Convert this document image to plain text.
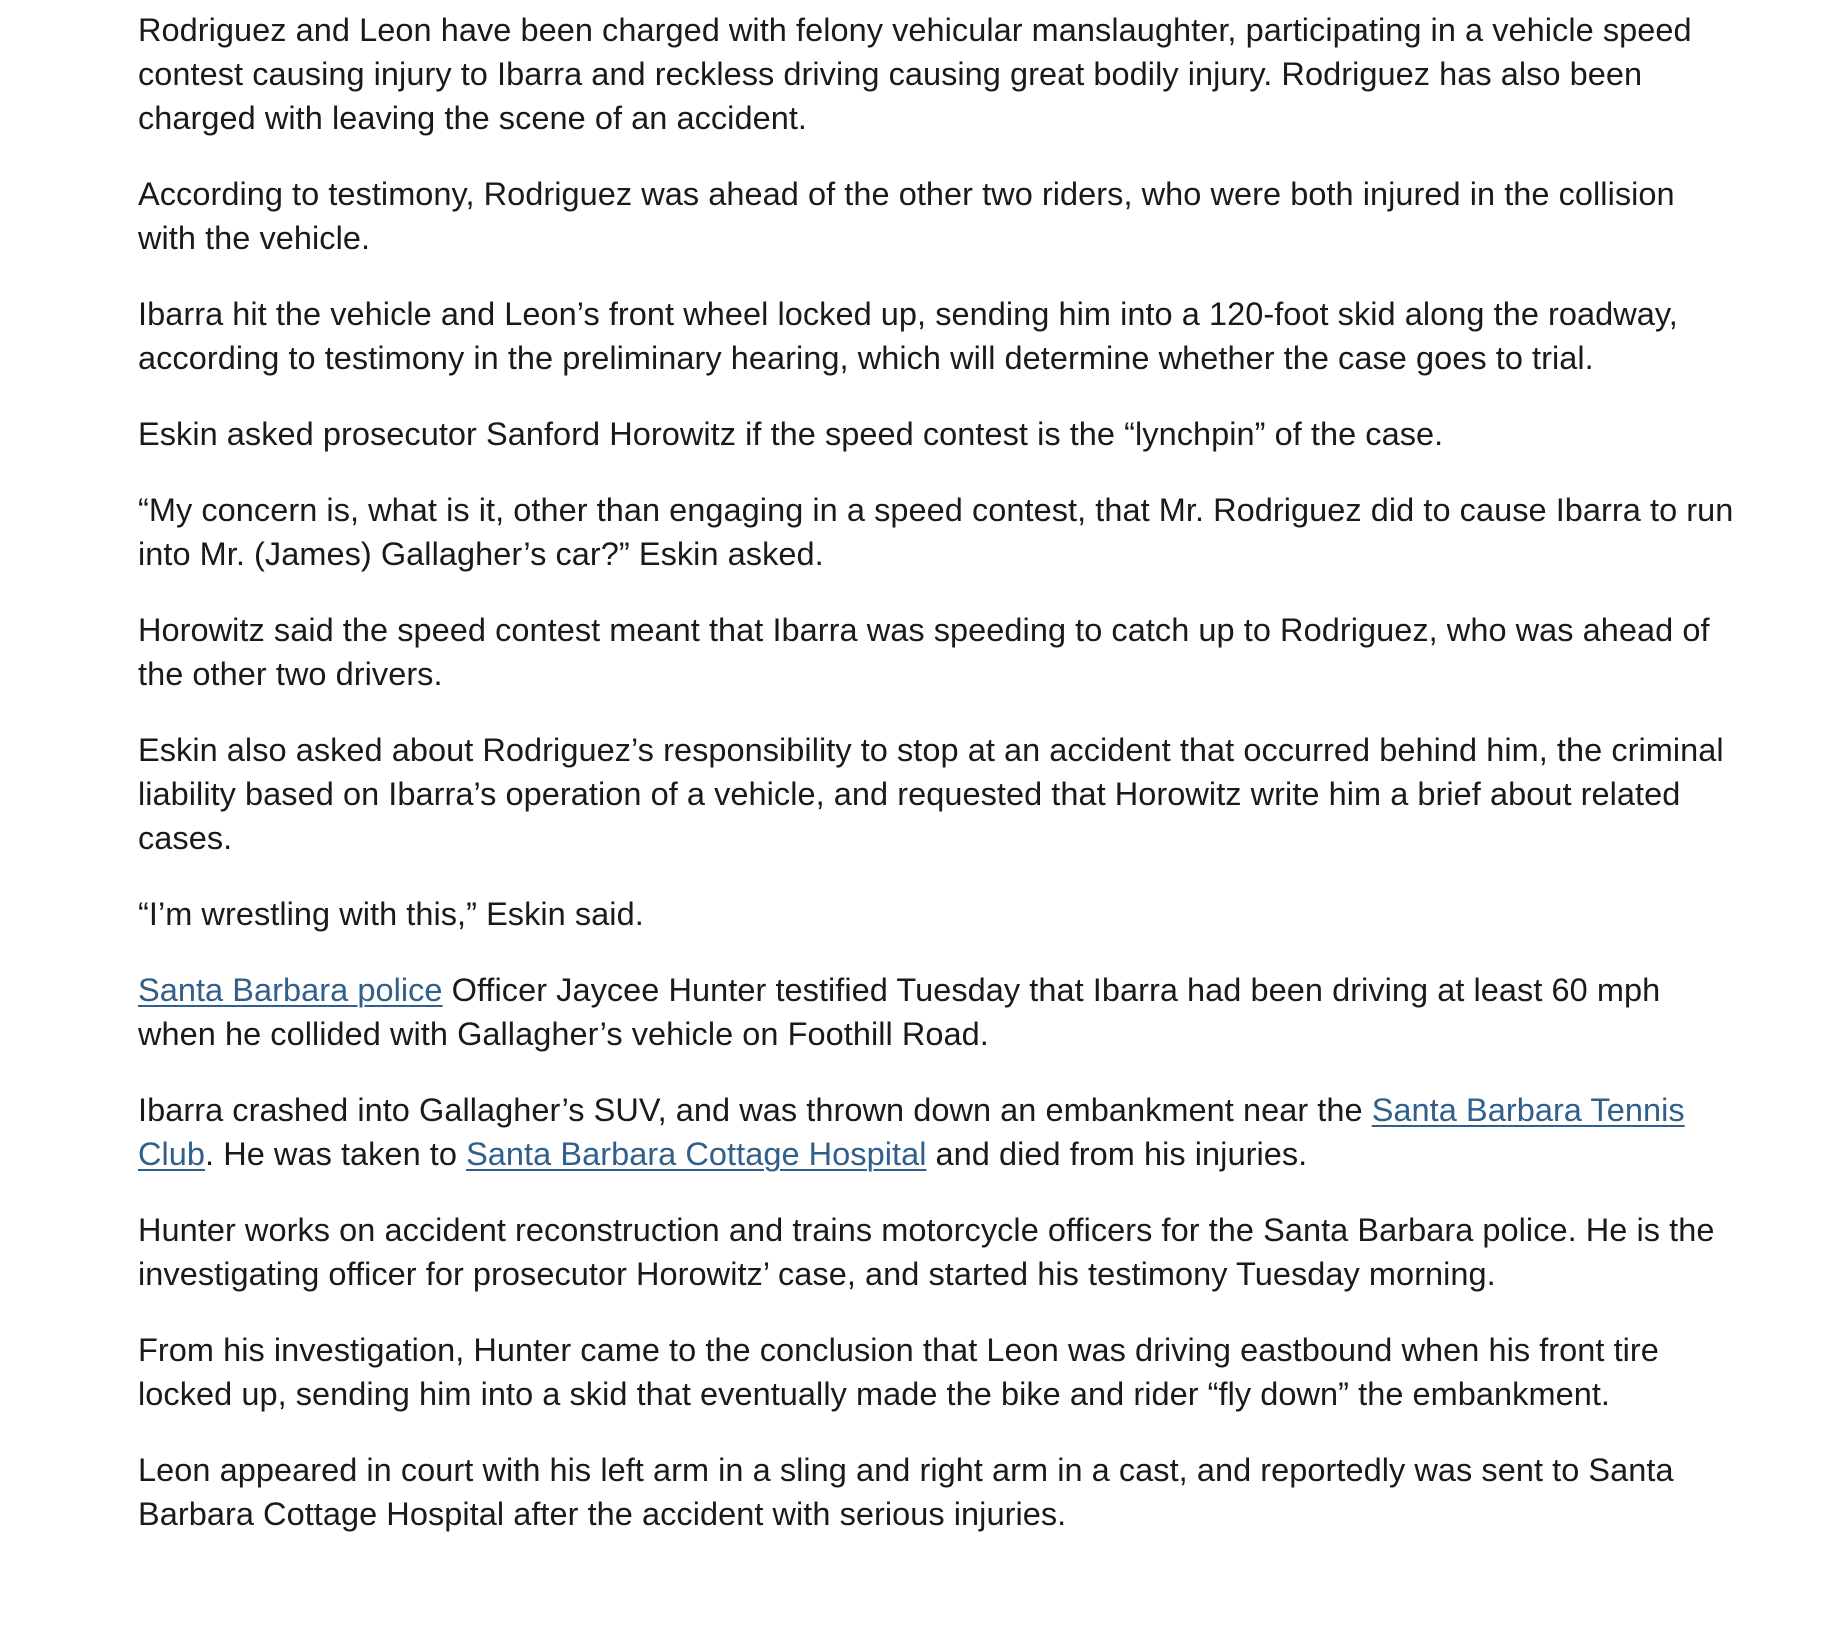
Rodriguez and Leon have been charged with felony vehicular manslaughter, participating in a vehicle speed contest causing injury to Ibarra and reckless driving causing great bodily injury. Rodriguez has also been charged with leaving the scene of an accident.

According to testimony, Rodriguez was ahead of the other two riders, who were both injured in the collision with the vehicle.

Ibarra hit the vehicle and Leon’s front wheel locked up, sending him into a 120-foot skid along the roadway, according to testimony in the preliminary hearing, which will determine whether the case goes to trial.

Eskin asked prosecutor Sanford Horowitz if the speed contest is the “lynchpin” of the case.

“My concern is, what is it, other than engaging in a speed contest, that Mr. Rodriguez did to cause Ibarra to run into Mr. (James) Gallagher’s car?” Eskin asked.

Horowitz said the speed contest meant that Ibarra was speeding to catch up to Rodriguez, who was ahead of the other two drivers.

Eskin also asked about Rodriguez’s responsibility to stop at an accident that occurred behind him, the criminal liability based on Ibarra’s operation of a vehicle, and requested that Horowitz write him a brief about related cases.

“I’m wrestling with this,” Eskin said.

Santa Barbara police Officer Jaycee Hunter testified Tuesday that Ibarra had been driving at least 60 mph when he collided with Gallagher’s vehicle on Foothill Road.

Ibarra crashed into Gallagher’s SUV, and was thrown down an embankment near the Santa Barbara Tennis Club. He was taken to Santa Barbara Cottage Hospital and died from his injuries.

Hunter works on accident reconstruction and trains motorcycle officers for the Santa Barbara police. He is the investigating officer for prosecutor Horowitz’ case, and started his testimony Tuesday morning.

From his investigation, Hunter came to the conclusion that Leon was driving eastbound when his front tire locked up, sending him into a skid that eventually made the bike and rider “fly down” the embankment.

Leon appeared in court with his left arm in a sling and right arm in a cast, and reportedly was sent to Santa Barbara Cottage Hospital after the accident with serious injuries.
